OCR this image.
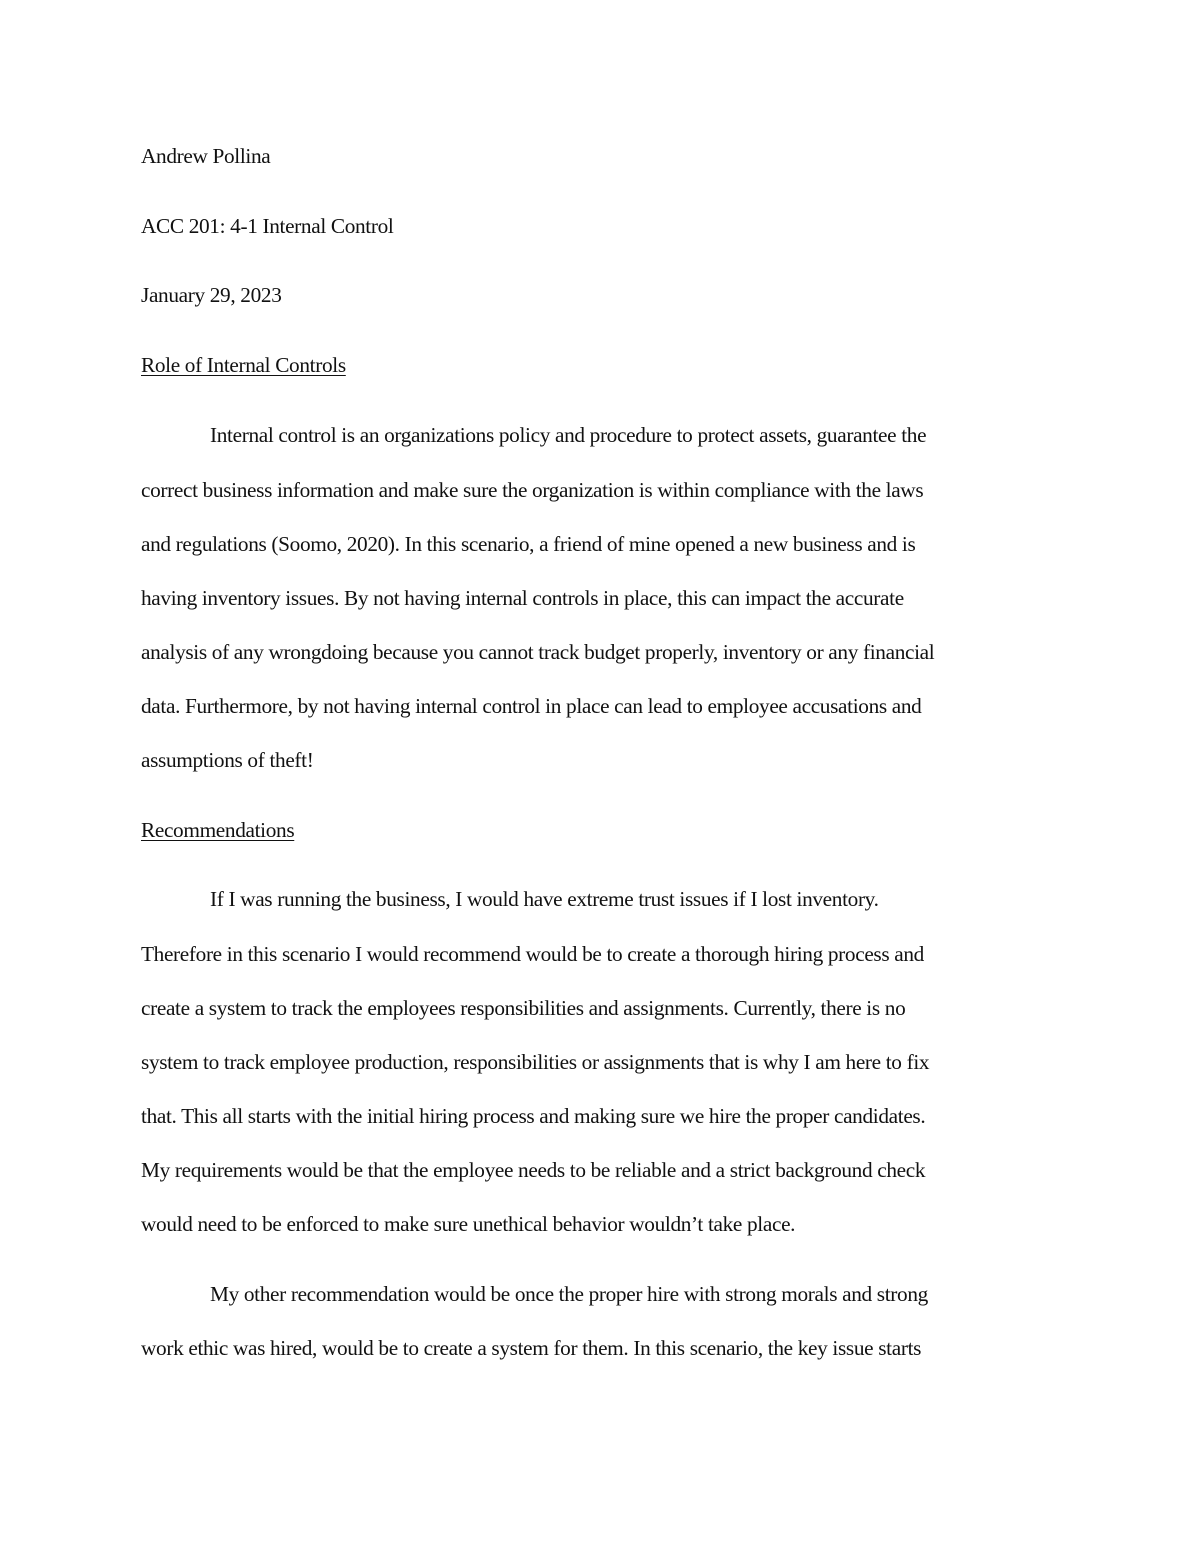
Andrew Pollina
ACC 201: 4-1 Internal Control
January 29, 2023
Role of Internal Controls
Internal control is an organizations policy and procedure to protect assets, guarantee the
correct business information and make sure the organization is within compliance with the laws
and regulations (Soomo, 2020). In this scenario, a friend of mine opened a new business and is
having inventory issues. By not having internal controls in place, this can impact the accurate
analysis of any wrongdoing because you cannot track budget properly, inventory or any financial
data. Furthermore, by not having internal control in place can lead to employee accusations and
assumptions of theft!
Recommendations
If I was running the business, I would have extreme trust issues if I lost inventory.
Therefore in this scenario I would recommend would be to create a thorough hiring process and
create a system to track the employees responsibilities and assignments. Currently, there is no
system to track employee production, responsibilities or assignments that is why I am here to fix
that. This all starts with the initial hiring process and making sure we hire the proper candidates.
My requirements would be that the employee needs to be reliable and a strict background check
would need to be enforced to make sure unethical behavior wouldn’t take place.
My other recommendation would be once the proper hire with strong morals and strong
work ethic was hired, would be to create a system for them. In this scenario, the key issue starts
